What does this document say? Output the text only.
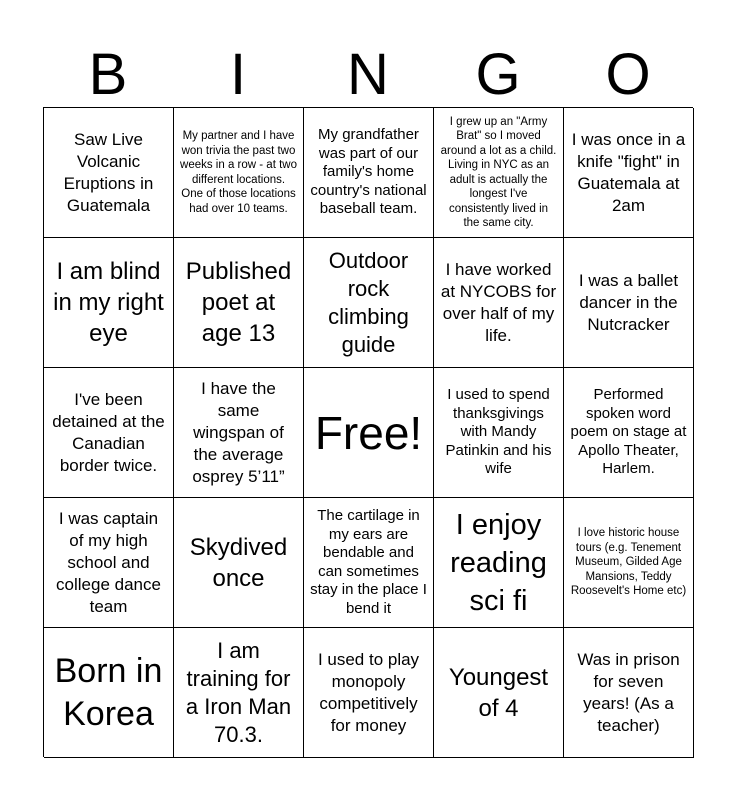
B	I	N	G	O
Saw Live Volcanic Eruptions in Guatemala
My partner and I have won trivia the past two weeks in a row - at two different locations. One of those locations had over 10 teams.
My grandfather was part of our family's home country's national baseball team.
I grew up an "Army Brat" so I moved around a lot as a child. Living in NYC as an adult is actually the longest I've consistently lived in the same city.
I was once in a knife "fight" in Guatemala at 2am
I am blind in my right eye
Published poet at age 13
Outdoor rock climbing guide
I have worked at NYCOBS for over half of my life.
I was a ballet dancer in the Nutcracker
I've been detained at the Canadian border twice.
I have the same wingspan of the average osprey 5’11”
Free!
I used to spend thanksgivings with Mandy Patinkin and his wife
Performed spoken word poem on stage at Apollo Theater, Harlem.
I was captain of my high school and college dance team
Skydived once
The cartilage in my ears are bendable and can sometimes stay in the place I bend it
I enjoy reading sci fi
I love historic house tours (e.g. Tenement Museum, Gilded Age Mansions, Teddy Roosevelt's Home etc)
Born in Korea
I am training for a Iron Man 70.3.
I used to play monopoly competitively for money
Youngest of 4
Was in prison for seven years! (As a teacher)
